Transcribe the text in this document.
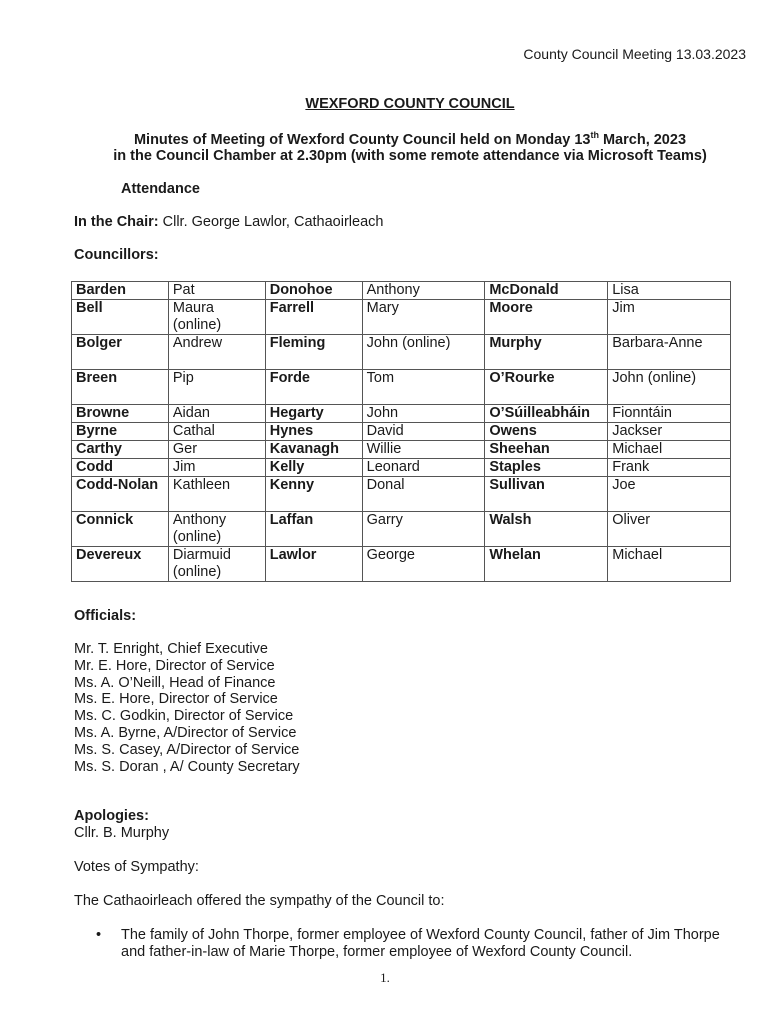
County Council Meeting 13.03.2023
WEXFORD COUNTY COUNCIL
Minutes of Meeting of Wexford County Council held on Monday 13th March, 2023
in the Council Chamber at 2.30pm (with some remote attendance via Microsoft Teams)
Attendance
In the Chair: Cllr. George Lawlor, Cathaoirleach
Councillors:
Barden	Pat	Donohoe	Anthony	McDonald	Lisa
Bell	Maura (online)	Farrell	Mary	Moore	Jim
Bolger	Andrew	Fleming	John (online)	Murphy	Barbara-Anne
Breen	Pip	Forde	Tom	O’Rourke	John (online)
Browne	Aidan	Hegarty	John	O’Súilleabháin	Fionntáin
Byrne	Cathal	Hynes	David	Owens	Jackser
Carthy	Ger	Kavanagh	Willie	Sheehan	Michael
Codd	Jim	Kelly	Leonard	Staples	Frank
Codd-Nolan	Kathleen	Kenny	Donal	Sullivan	Joe
Connick	Anthony (online)	Laffan	Garry	Walsh	Oliver
Devereux	Diarmuid (online)	Lawlor	George	Whelan	Michael
Officials:
Mr. T. Enright, Chief Executive
Mr. E. Hore, Director of Service
Ms. A. O’Neill, Head of Finance
Ms. E. Hore, Director of Service
Ms. C. Godkin, Director of Service
Ms. A. Byrne, A/Director of Service
Ms. S. Casey, A/Director of Service
Ms. S. Doran , A/ County Secretary
Apologies:
Cllr. B. Murphy
Votes of Sympathy:
The Cathaoirleach offered the sympathy of the Council to:
• The family of John Thorpe, former employee of Wexford County Council, father of Jim Thorpe and father-in-law of Marie Thorpe, former employee of Wexford County Council.
1.
